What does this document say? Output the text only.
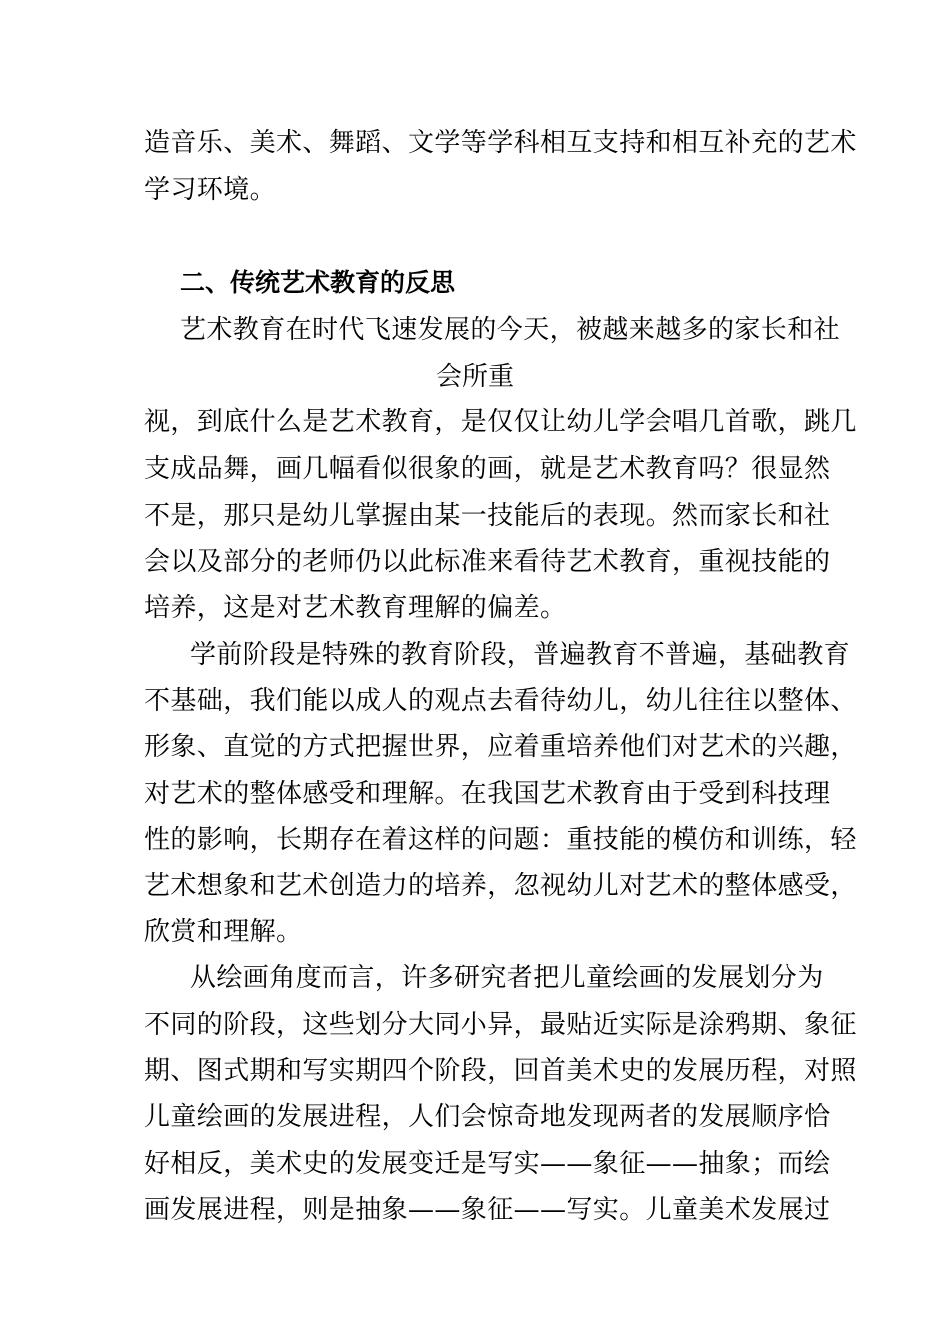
造音乐、美术、舞蹈、文学等学科相互支持和相互补充的艺术
学习环境。
二、传统艺术教育的反思
艺术教育在时代飞速发展的今天，被越来越多的家长和社
会所重
视，到底什么是艺术教育，是仅仅让幼儿学会唱几首歌，跳几
支成品舞，画几幅看似很象的画，就是艺术教育吗？很显然
不是，那只是幼儿掌握由某一技能后的表现。然而家长和社
会以及部分的老师仍以此标准来看待艺术教育，重视技能的
培养，这是对艺术教育理解的偏差。
学前阶段是特殊的教育阶段，普遍教育不普遍，基础教育
不基础，我们能以成人的观点去看待幼儿，幼儿往往以整体、
形象、直觉的方式把握世界，应着重培养他们对艺术的兴趣，
对艺术的整体感受和理解。在我国艺术教育由于受到科技理
性的影响，长期存在着这样的问题：重技能的模仿和训练，轻
艺术想象和艺术创造力的培养，忽视幼儿对艺术的整体感受，
欣赏和理解。
从绘画角度而言，许多研究者把儿童绘画的发展划分为
不同的阶段，这些划分大同小异，最贴近实际是涂鸦期、象征
期、图式期和写实期四个阶段，回首美术史的发展历程，对照
儿童绘画的发展进程，人们会惊奇地发现两者的发展顺序恰
好相反，美术史的发展变迁是写实——象征——抽象；而绘
画发展进程，则是抽象——象征——写实。儿童美术发展过
